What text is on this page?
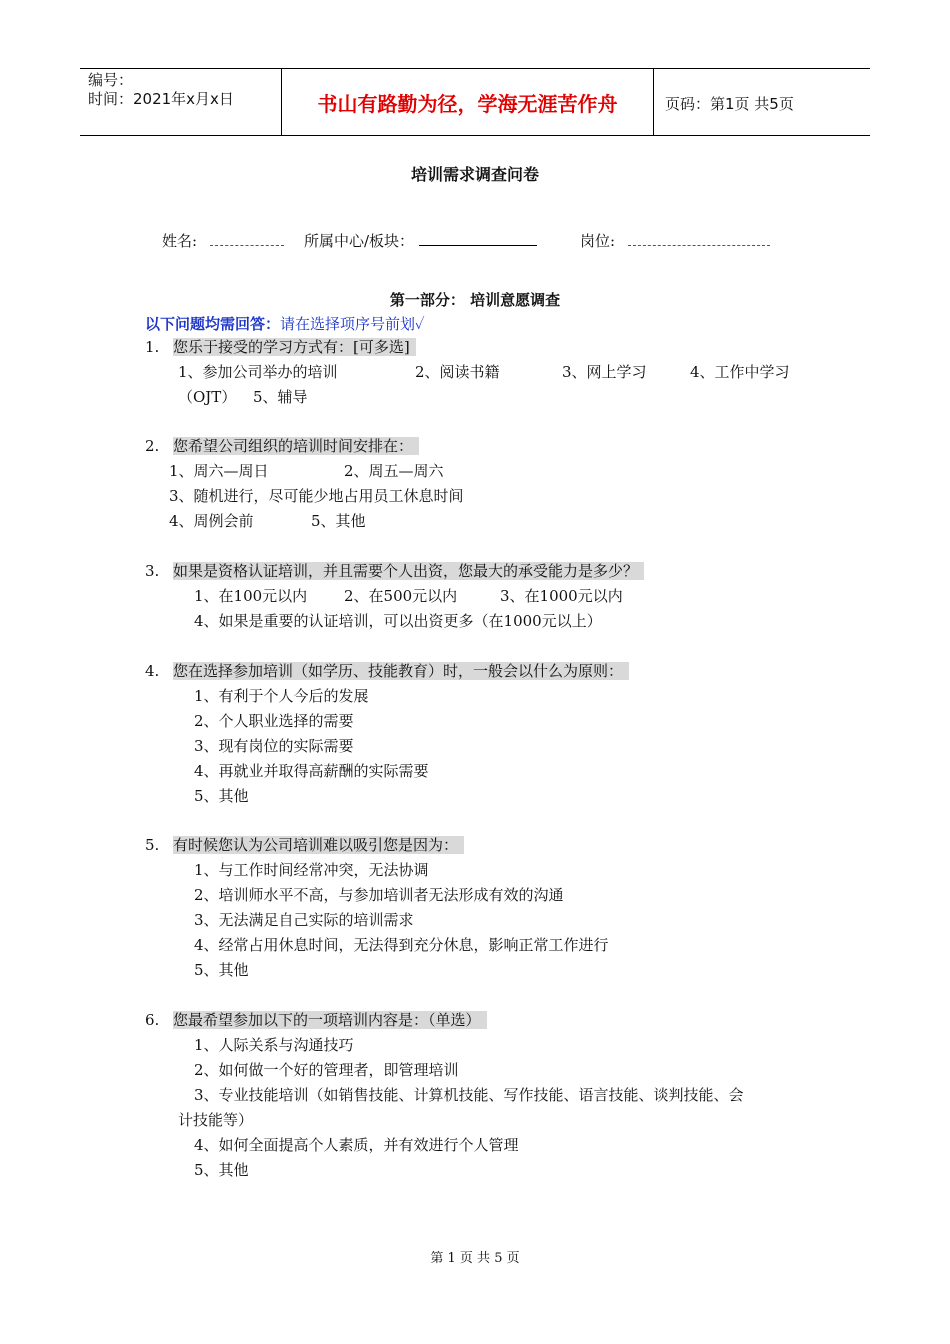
编号：
时间：2021年x月x日	书山有路勤为径，学海无涯苦作舟	页码：第1页 共5页
培训需求调查问卷
姓名:	所属中心/板块：	岗位:
第一部分： 培训意愿调查
以下问题均需回答：请在选择项序号前划✓
1. 您乐于接受的学习方式有：[可多选]
1、参加公司举办的培训	2、阅读书籍	3、网上学习	4、工作中学习
（OJT） 5、辅导
2. 您希望公司组织的培训时间安排在：
1、周六—周日	2、周五—周六
3、随机进行，尽可能少地占用员工休息时间
4、周例会前	5、其他
3. 如果是资格认证培训，并且需要个人出资，您最大的承受能力是多少？
1、在100元以内 2、在500元以内	3、在1000元以内
4、如果是重要的认证培训，可以出资更多（在1000元以上）
4. 您在选择参加培训（如学历、技能教育）时，一般会以什么为原则：
1、有利于个人今后的发展
2、个人职业选择的需要
3、现有岗位的实际需要
4、再就业并取得高薪酬的实际需要
5、其他
5. 有时候您认为公司培训难以吸引您是因为：
1、与工作时间经常冲突，无法协调
2、培训师水平不高，与参加培训者无法形成有效的沟通
3、无法满足自己实际的培训需求
4、经常占用休息时间，无法得到充分休息，影响正常工作进行
5、其他
6. 您最希望参加以下的一项培训内容是：（单选）
1、人际关系与沟通技巧
2、如何做一个好的管理者，即管理培训
3、专业技能培训（如销售技能、计算机技能、写作技能、语言技能、谈判技能、会
计技能等）
4、如何全面提高个人素质，并有效进行个人管理
5、其他
第 1 页 共 5 页
